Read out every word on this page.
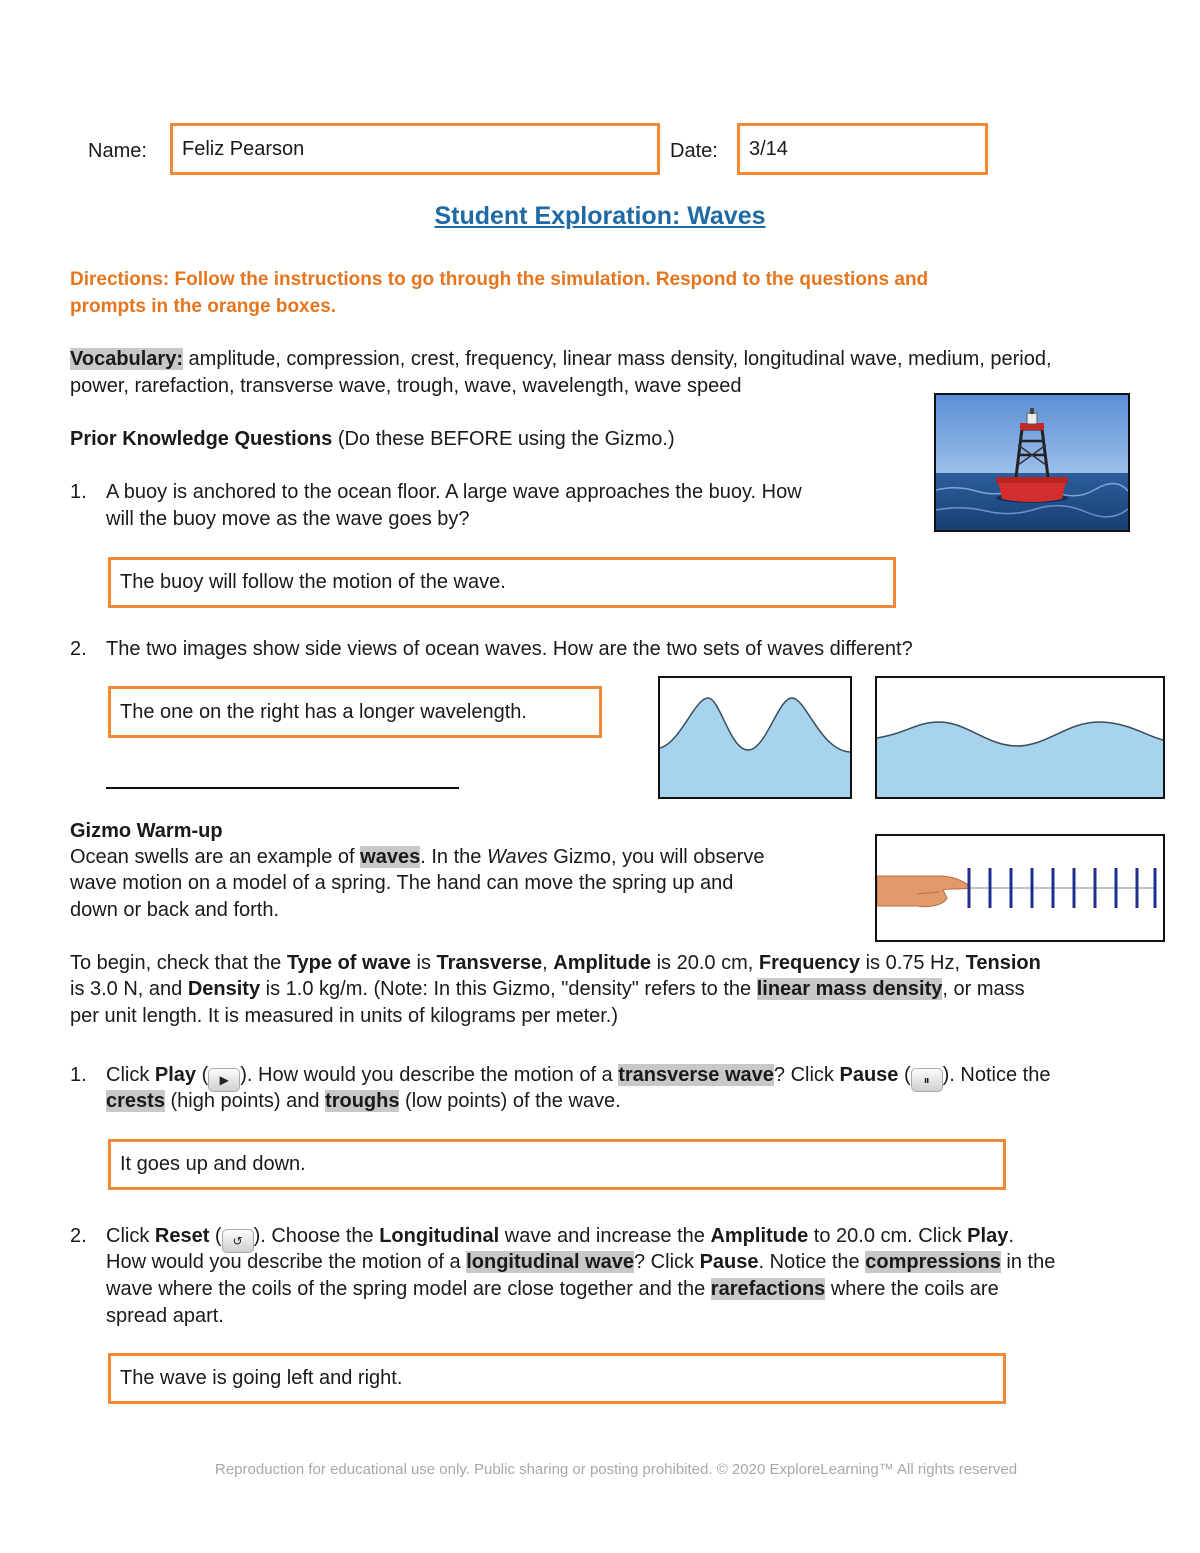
Name: Feliz Pearson	Date: 3/14
Student Exploration: Waves
Directions: Follow the instructions to go through the simulation. Respond to the questions and
prompts in the orange boxes.
Vocabulary: amplitude, compression, crest, frequency, linear mass density, longitudinal wave, medium, period,
power, rarefaction, transverse wave, trough, wave, wavelength, wave speed
Prior Knowledge Questions (Do these BEFORE using the Gizmo.)
1. A buoy is anchored to the ocean floor. A large wave approaches the buoy. How
will the buoy move as the wave goes by?
The buoy will follow the motion of the wave.
2. The two images show side views of ocean waves. How are the two sets of waves different?
The one on the right has a longer wavelength.
Gizmo Warm-up
Ocean swells are an example of waves. In the Waves Gizmo, you will observe
wave motion on a model of a spring. The hand can move the spring up and
down or back and forth.
To begin, check that the Type of wave is Transverse, Amplitude is 20.0 cm, Frequency is 0.75 Hz, Tension
is 3.0 N, and Density is 1.0 kg/m. (Note: In this Gizmo, "density" refers to the linear mass density, or mass
per unit length. It is measured in units of kilograms per meter.)
1. Click Play ( ▶ ). How would you describe the motion of a transverse wave? Click Pause ( ⏸ ). Notice the
crests (high points) and troughs (low points) of the wave.
It goes up and down.
2. Click Reset ( ↺ ). Choose the Longitudinal wave and increase the Amplitude to 20.0 cm. Click Play.
How would you describe the motion of a longitudinal wave? Click Pause. Notice the compressions in the
wave where the coils of the spring model are close together and the rarefactions where the coils are
spread apart.
The wave is going left and right.
Reproduction for educational use only. Public sharing or posting prohibited. © 2020 ExploreLearning™ All rights reserved
